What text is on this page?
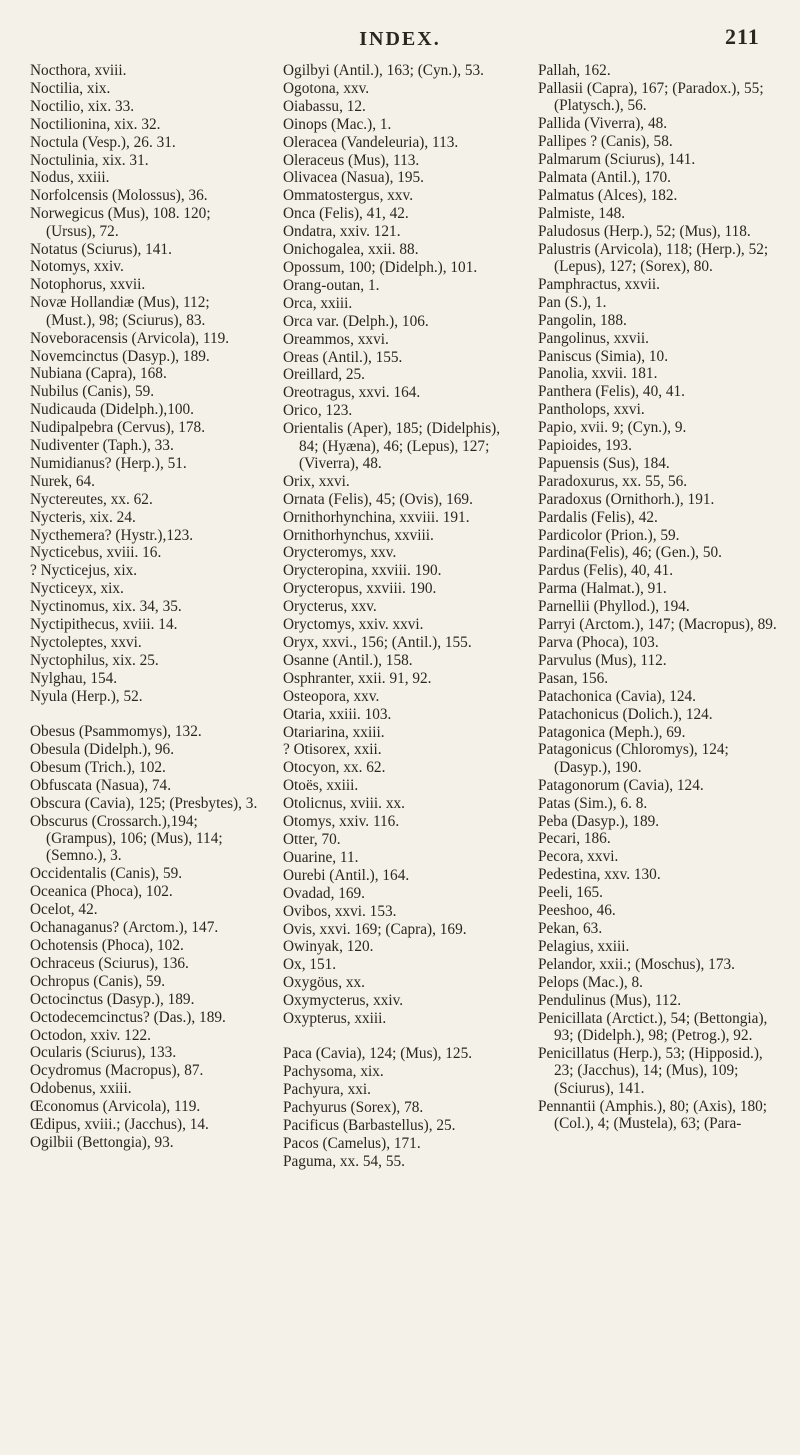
INDEX.	211
Nocthora, xviii.
Noctilia, xix.
Noctilio, xix. 33.
Noctilionina, xix. 32.
Noctula (Vesp.), 26. 31.
Noctulinia, xix. 31.
Nodus, xxiii.
Norfolcensis (Molossus), 36.
Norwegicus (Mus), 108. 120; (Ursus), 72.
Notatus (Sciurus), 141.
Notomys, xxiv.
Notophorus, xxvii.
Novæ Hollandiæ (Mus), 112; (Must.), 98; (Sciurus), 83.
Noveboracensis (Arvicola), 119.
Novemcinctus (Dasyp.), 189.
Nubiana (Capra), 168.
Nubilus (Canis), 59.
Nudicauda (Didelph.),100.
Nudipalpebra (Cervus), 178.
Nudiventer (Taph.), 33.
Numidianus? (Herp.), 51.
Nurek, 64.
Nyctereutes, xx. 62.
Nycteris, xix. 24.
Nycthemera? (Hystr.),123.
Nycticebus, xviii. 16.
? Nycticejus, xix.
Nycticeyx, xix.
Nyctinomus, xix. 34, 35.
Nyctipithecus, xviii. 14.
Nyctoleptes, xxvi.
Nyctophilus, xix. 25.
Nylghau, 154.
Nyula (Herp.), 52.
Obesus (Psammomys), 132.
Obesula (Didelph.), 96.
Obesum (Trich.), 102.
Obfuscata (Nasua), 74.
Obscura (Cavia), 125; (Presbytes), 3.
Obscurus (Crossarch.),194; (Grampus), 106; (Mus), 114; (Semno.), 3.
Occidentalis (Canis), 59.
Oceanica (Phoca), 102.
Ocelot, 42.
Ochanaganus? (Arctom.), 147.
Ochotensis (Phoca), 102.
Ochraceus (Sciurus), 136.
Ochropus (Canis), 59.
Octocinctus (Dasyp.), 189.
Octodecemcinctus? (Das.), 189.
Octodon, xxiv. 122.
Ocularis (Sciurus), 133.
Ocydromus (Macropus), 87.
Odobenus, xxiii.
Œconomus (Arvicola), 119.
Œdipus, xviii.; (Jacchus), 14.
Ogilbii (Bettongia), 93.
Ogilbyi (Antil.), 163; (Cyn.), 53.
Ogotona, xxv.
Oiabassu, 12.
Oinops (Mac.), 1.
Oleracea (Vandeleuria), 113.
Oleraceus (Mus), 113.
Olivacea (Nasua), 195.
Ommatostergus, xxv.
Onca (Felis), 41, 42.
Ondatra, xxiv. 121.
Onichogalea, xxii. 88.
Opossum, 100; (Didelph.), 101.
Orang-outan, 1.
Orca, xxiii.
Orca var. (Delph.), 106.
Oreammos, xxvi.
Oreas (Antil.), 155.
Oreillard, 25.
Oreotragus, xxvi. 164.
Orico, 123.
Orientalis (Aper), 185; (Didelphis), 84; (Hyæna), 46; (Lepus), 127; (Viverra), 48.
Orix, xxvi.
Ornata (Felis), 45; (Ovis), 169.
Ornithorhynchina, xxviii. 191.
Ornithorhynchus, xxviii.
Orycteromys, xxv.
Orycteropina, xxviii. 190.
Orycteropus, xxviii. 190.
Orycterus, xxv.
Oryctomys, xxiv. xxvi.
Oryx, xxvi., 156; (Antil.), 155.
Osanne (Antil.), 158.
Osphranter, xxii. 91, 92.
Osteopora, xxv.
Otaria, xxiii. 103.
Otariarina, xxiii.
? Otisorex, xxii.
Otocyon, xx. 62.
Otoës, xxiii.
Otolicnus, xviii. xx.
Otomys, xxiv. 116.
Otter, 70.
Ouarine, 11.
Ourebi (Antil.), 164.
Ovadad, 169.
Ovibos, xxvi. 153.
Ovis, xxvi. 169; (Capra), 169.
Owinyak, 120.
Ox, 151.
Oxygöus, xx.
Oxymycterus, xxiv.
Oxypterus, xxiii.
Paca (Cavia), 124; (Mus), 125.
Pachysoma, xix.
Pachyura, xxi.
Pachyurus (Sorex), 78.
Pacificus (Barbastellus), 25.
Pacos (Camelus), 171.
Paguma, xx. 54, 55.
Pallah, 162.
Pallasii (Capra), 167; (Paradox.), 55; (Platysch.), 56.
Pallida (Viverra), 48.
Pallipes ? (Canis), 58.
Palmarum (Sciurus), 141.
Palmata (Antil.), 170.
Palmatus (Alces), 182.
Palmiste, 148.
Paludosus (Herp.), 52; (Mus), 118.
Palustris (Arvicola), 118; (Herp.), 52; (Lepus), 127; (Sorex), 80.
Pamphractus, xxvii.
Pan (S.), 1.
Pangolin, 188.
Pangolinus, xxvii.
Paniscus (Simia), 10.
Panolia, xxvii. 181.
Panthera (Felis), 40, 41.
Pantholops, xxvi.
Papio, xvii. 9; (Cyn.), 9.
Papioides, 193.
Papuensis (Sus), 184.
Paradoxurus, xx. 55, 56.
Paradoxus (Ornithorh.), 191.
Pardalis (Felis), 42.
Pardicolor (Prion.), 59.
Pardina(Felis), 46; (Gen.), 50.
Pardus (Felis), 40, 41.
Parma (Halmat.), 91.
Parnellii (Phyllod.), 194.
Parryi (Arctom.), 147; (Macropus), 89.
Parva (Phoca), 103.
Parvulus (Mus), 112.
Pasan, 156.
Patachonica (Cavia), 124.
Patachonicus (Dolich.), 124.
Patagonica (Meph.), 69.
Patagonicus (Chloromys), 124; (Dasyp.), 190.
Patagonorum (Cavia), 124.
Patas (Sim.), 6. 8.
Peba (Dasyp.), 189.
Pecari, 186.
Pecora, xxvi.
Pedestina, xxv. 130.
Peeli, 165.
Peeshoo, 46.
Pekan, 63.
Pelagius, xxiii.
Pelandor, xxii.; (Moschus), 173.
Pelops (Mac.), 8.
Pendulinus (Mus), 112.
Penicillata (Arctict.), 54; (Bettongia), 93; (Didelph.), 98; (Petrog.), 92.
Penicillatus (Herp.), 53; (Hipposid.), 23; (Jacchus), 14; (Mus), 109; (Sciurus), 141.
Pennantii (Amphis.), 80; (Axis), 180; (Col.), 4; (Mustela), 63; (Para-
